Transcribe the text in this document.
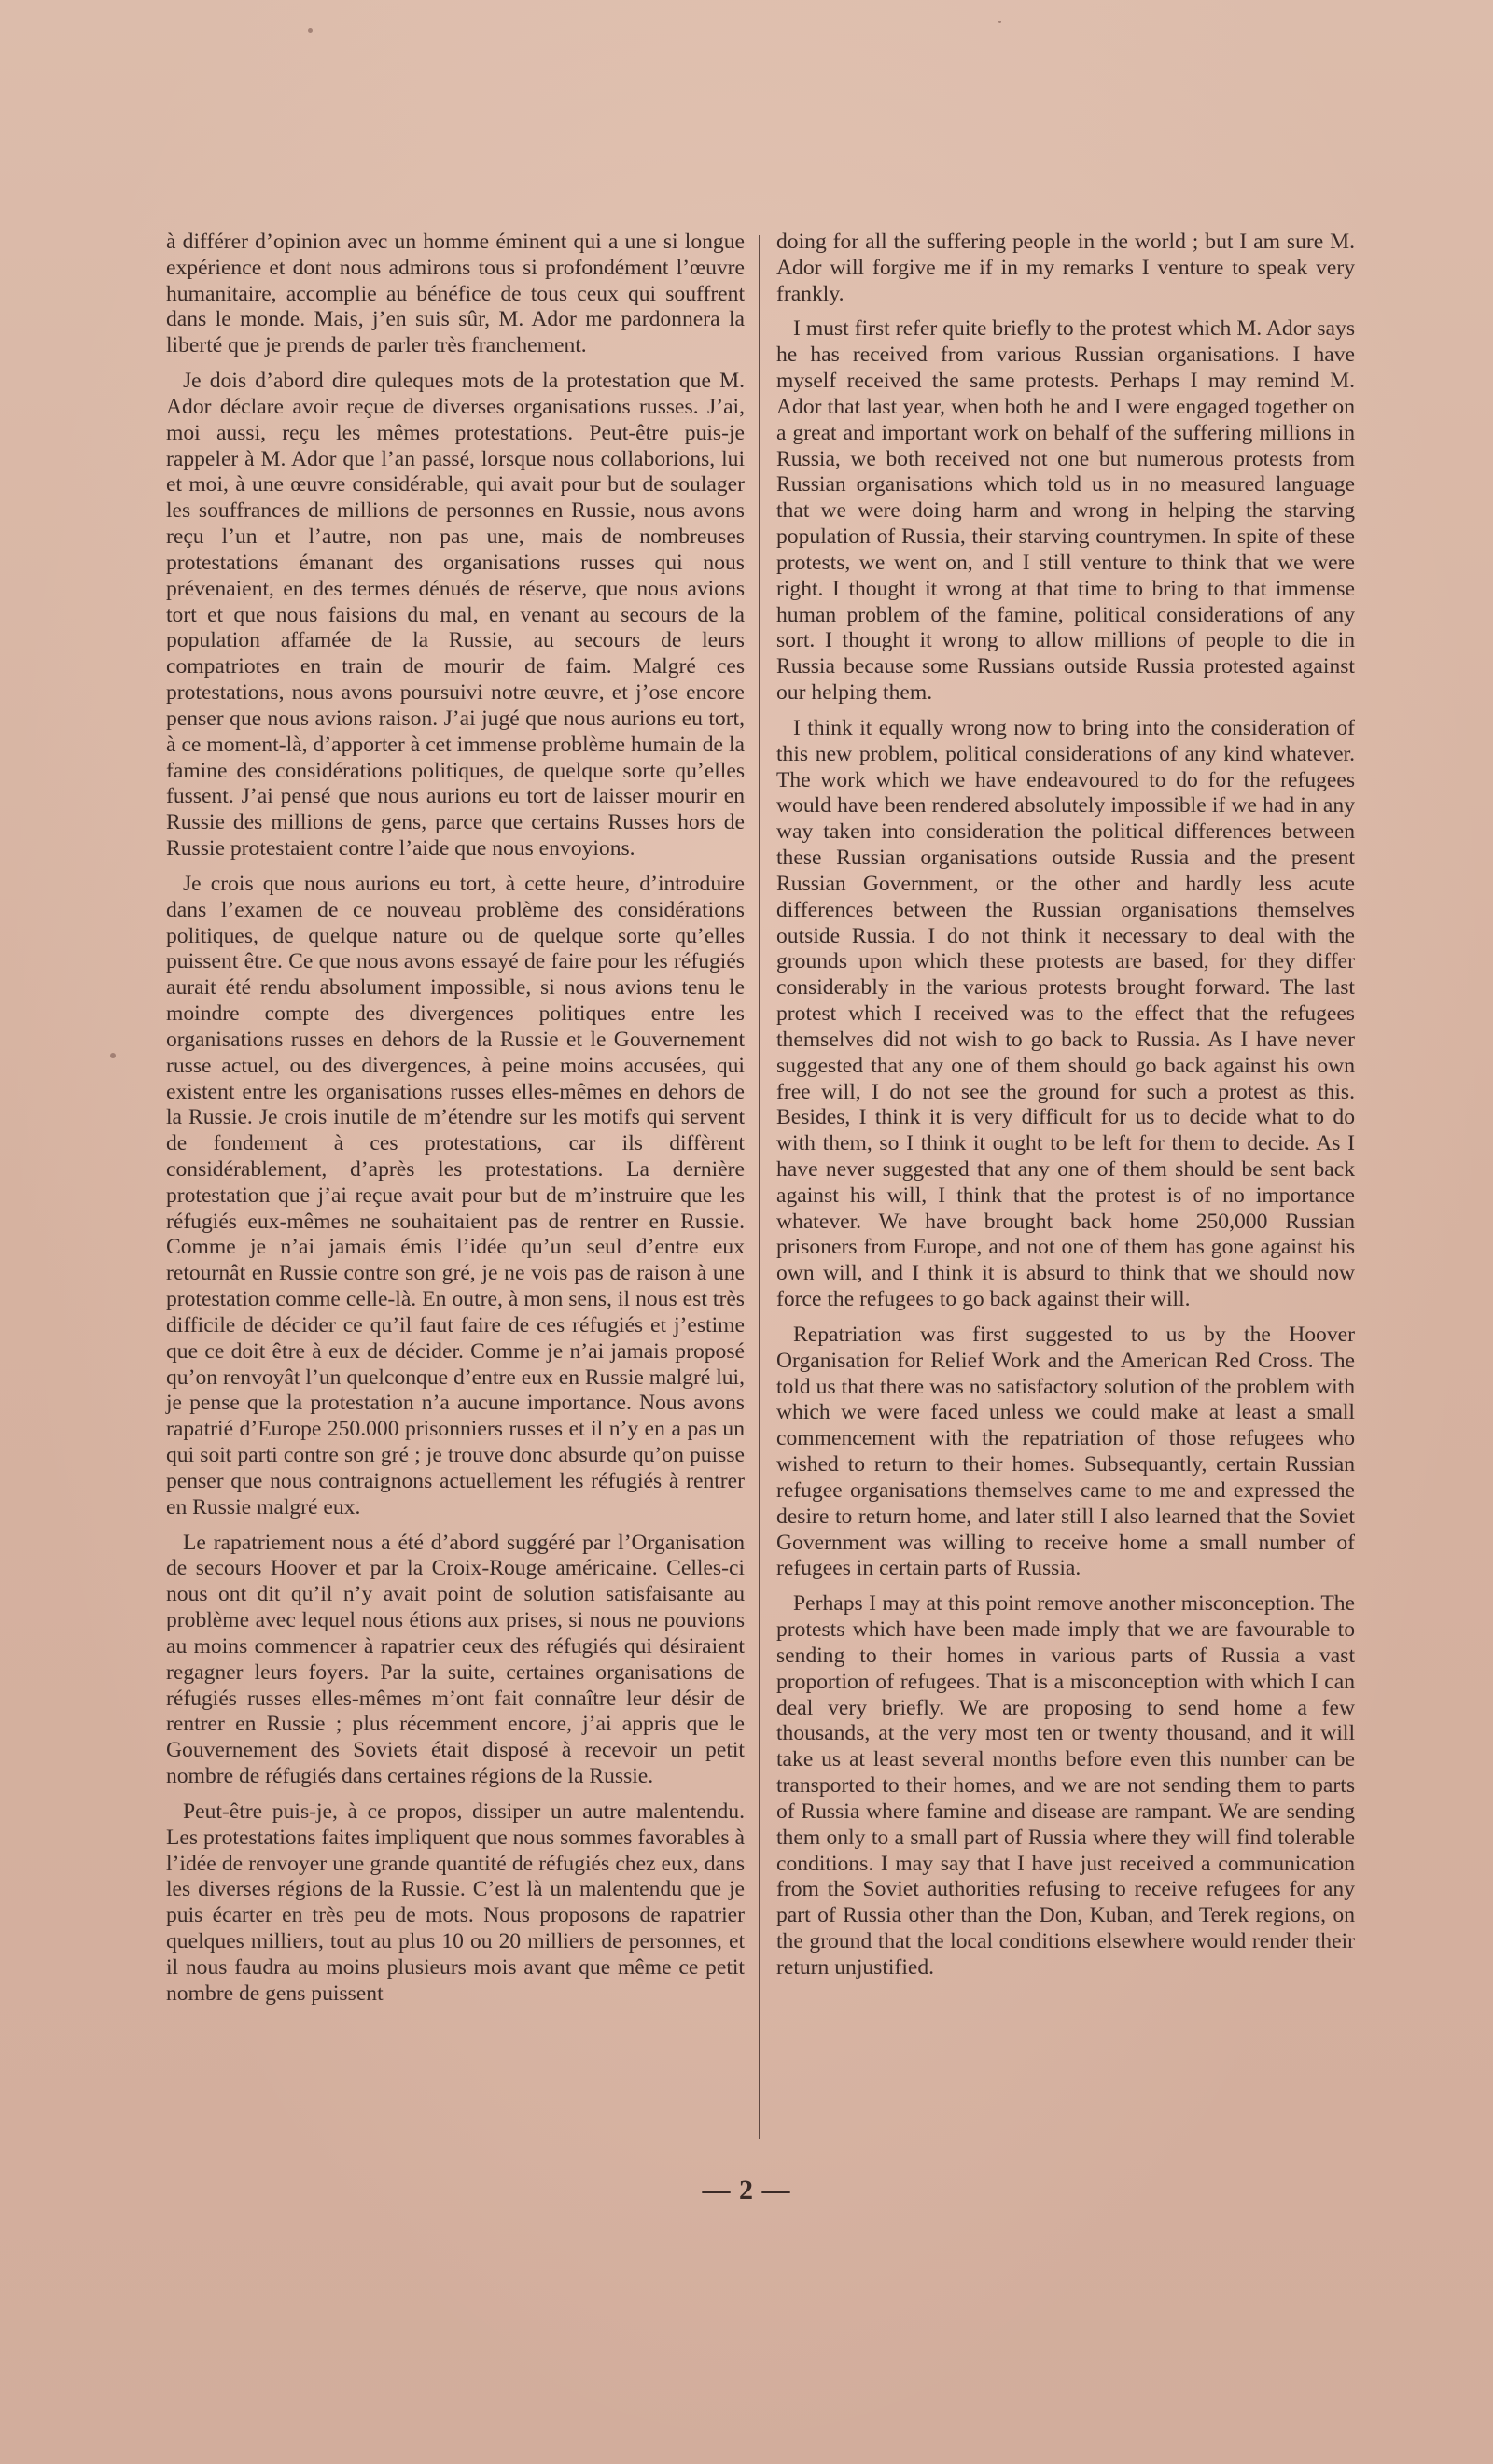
à différer d’opinion avec un homme éminent qui a une si longue expérience et dont nous admirons tous si profondément l’œuvre humanitaire, accomplie au bénéfice de tous ceux qui souffrent dans le monde. Mais, j’en suis sûr, M. Ador me pardonnera la liberté que je prends de parler très franchement.

Je dois d’abord dire quleques mots de la protestation que M. Ador déclare avoir reçue de diverses organisations russes. J’ai, moi aussi, reçu les mêmes protestations. Peut-être puis-je rappeler à M. Ador que l’an passé, lorsque nous collaborions, lui et moi, à une œuvre considérable, qui avait pour but de soulager les souffrances de millions de personnes en Russie, nous avons reçu l’un et l’autre, non pas une, mais de nombreuses protestations émanant des organisations russes qui nous prévenaient, en des termes dénués de réserve, que nous avions tort et que nous faisions du mal, en venant au secours de la population affamée de la Russie, au secours de leurs compatriotes en train de mourir de faim. Malgré ces protestations, nous avons poursuivi notre œuvre, et j’ose encore penser que nous avions raison. J’ai jugé que nous aurions eu tort, à ce moment-là, d’apporter à cet immense problème humain de la famine des considérations politiques, de quelque sorte qu’elles fussent. J’ai pensé que nous aurions eu tort de laisser mourir en Russie des millions de gens, parce que certains Russes hors de Russie protestaient contre l’aide que nous envoyions.

Je crois que nous aurions eu tort, à cette heure, d’introduire dans l’examen de ce nouveau problème des considérations politiques, de quelque nature ou de quelque sorte qu’elles puissent être. Ce que nous avons essayé de faire pour les réfugiés aurait été rendu absolument impossible, si nous avions tenu le moindre compte des divergences politiques entre les organisations russes en dehors de la Russie et le Gouvernement russe actuel, ou des divergences, à peine moins accusées, qui existent entre les organisations russes elles-mêmes en dehors de la Russie. Je crois inutile de m’étendre sur les motifs qui servent de fondement à ces protestations, car ils diffèrent considérablement, d’après les protestations. La dernière protestation que j’ai reçue avait pour but de m’instruire que les réfugiés eux-mêmes ne souhaitaient pas de rentrer en Russie. Comme je n’ai jamais émis l’idée qu’un seul d’entre eux retournât en Russie contre son gré, je ne vois pas de raison à une protestation comme celle-là. En outre, à mon sens, il nous est très difficile de décider ce qu’il faut faire de ces réfugiés et j’estime que ce doit être à eux de décider. Comme je n’ai jamais proposé qu’on renvoyât l’un quelconque d’entre eux en Russie malgré lui, je pense que la protestation n’a aucune importance. Nous avons rapatrié d’Europe 250.000 prisonniers russes et il n’y en a pas un qui soit parti contre son gré ; je trouve donc absurde qu’on puisse penser que nous contraignons actuellement les réfugiés à rentrer en Russie malgré eux.

Le rapatriement nous a été d’abord suggéré par l’Organisation de secours Hoover et par la Croix-Rouge américaine. Celles-ci nous ont dit qu’il n’y avait point de solution satisfaisante au problème avec lequel nous étions aux prises, si nous ne pouvions au moins commencer à rapatrier ceux des réfugiés qui désiraient regagner leurs foyers. Par la suite, certaines organisations de réfugiés russes elles-mêmes m’ont fait connaître leur désir de rentrer en Russie ; plus récemment encore, j’ai appris que le Gouvernement des Soviets était disposé à recevoir un petit nombre de réfugiés dans certaines régions de la Russie.

Peut-être puis-je, à ce propos, dissiper un autre malentendu. Les protestations faites impliquent que nous sommes favorables à l’idée de renvoyer une grande quantité de réfugiés chez eux, dans les diverses régions de la Russie. C’est là un malentendu que je puis écarter en très peu de mots. Nous proposons de rapatrier quelques milliers, tout au plus 10 ou 20 milliers de personnes, et il nous faudra au moins plusieurs mois avant que même ce petit nombre de gens puissent

doing for all the suffering people in the world ; but I am sure M. Ador will forgive me if in my remarks I venture to speak very frankly.

I must first refer quite briefly to the protest which M. Ador says he has received from various Russian organisations. I have myself received the same protests. Perhaps I may remind M. Ador that last year, when both he and I were engaged together on a great and important work on behalf of the suffering millions in Russia, we both received not one but numerous protests from Russian organisations which told us in no measured language that we were doing harm and wrong in helping the starving population of Russia, their starving countrymen. In spite of these protests, we went on, and I still venture to think that we were right. I thought it wrong at that time to bring to that immense human problem of the famine, political considerations of any sort. I thought it wrong to allow millions of people to die in Russia because some Russians outside Russia protested against our helping them.

I think it equally wrong now to bring into the consideration of this new problem, political considerations of any kind whatever. The work which we have endeavoured to do for the refugees would have been rendered absolutely impossible if we had in any way taken into consideration the political differences between these Russian organisations outside Russia and the present Russian Government, or the other and hardly less acute differences between the Russian organisations themselves outside Russia. I do not think it necessary to deal with the grounds upon which these protests are based, for they differ considerably in the various protests brought forward. The last protest which I received was to the effect that the refugees themselves did not wish to go back to Russia. As I have never suggested that any one of them should go back against his own free will, I do not see the ground for such a protest as this. Besides, I think it is very difficult for us to decide what to do with them, so I think it ought to be left for them to decide. As I have never suggested that any one of them should be sent back against his will, I think that the protest is of no importance whatever. We have brought back home 250,000 Russian prisoners from Europe, and not one of them has gone against his own will, and I think it is absurd to think that we should now force the refugees to go back against their will.

Repatriation was first suggested to us by the Hoover Organisation for Relief Work and the American Red Cross. The told us that there was no satisfactory solution of the problem with which we were faced unless we could make at least a small commencement with the repatriation of those refugees who wished to return to their homes. Subsequantly, certain Russian refugee organisations themselves came to me and expressed the desire to return home, and later still I also learned that the Soviet Government was willing to receive home a small number of refugees in certain parts of Russia.

Perhaps I may at this point remove another misconception. The protests which have been made imply that we are favourable to sending to their homes in various parts of Russia a vast proportion of refugees. That is a misconception with which I can deal very briefly. We are proposing to send home a few thousands, at the very most ten or twenty thousand, and it will take us at least several months before even this number can be transported to their homes, and we are not sending them to parts of Russia where famine and disease are rampant. We are sending them only to a small part of Russia where they will find tolerable conditions. I may say that I have just received a communication from the Soviet authorities refusing to receive refugees for any part of Russia other than the Don, Kuban, and Terek regions, on the ground that the local conditions elsewhere would render their return unjustified.

— 2 —
